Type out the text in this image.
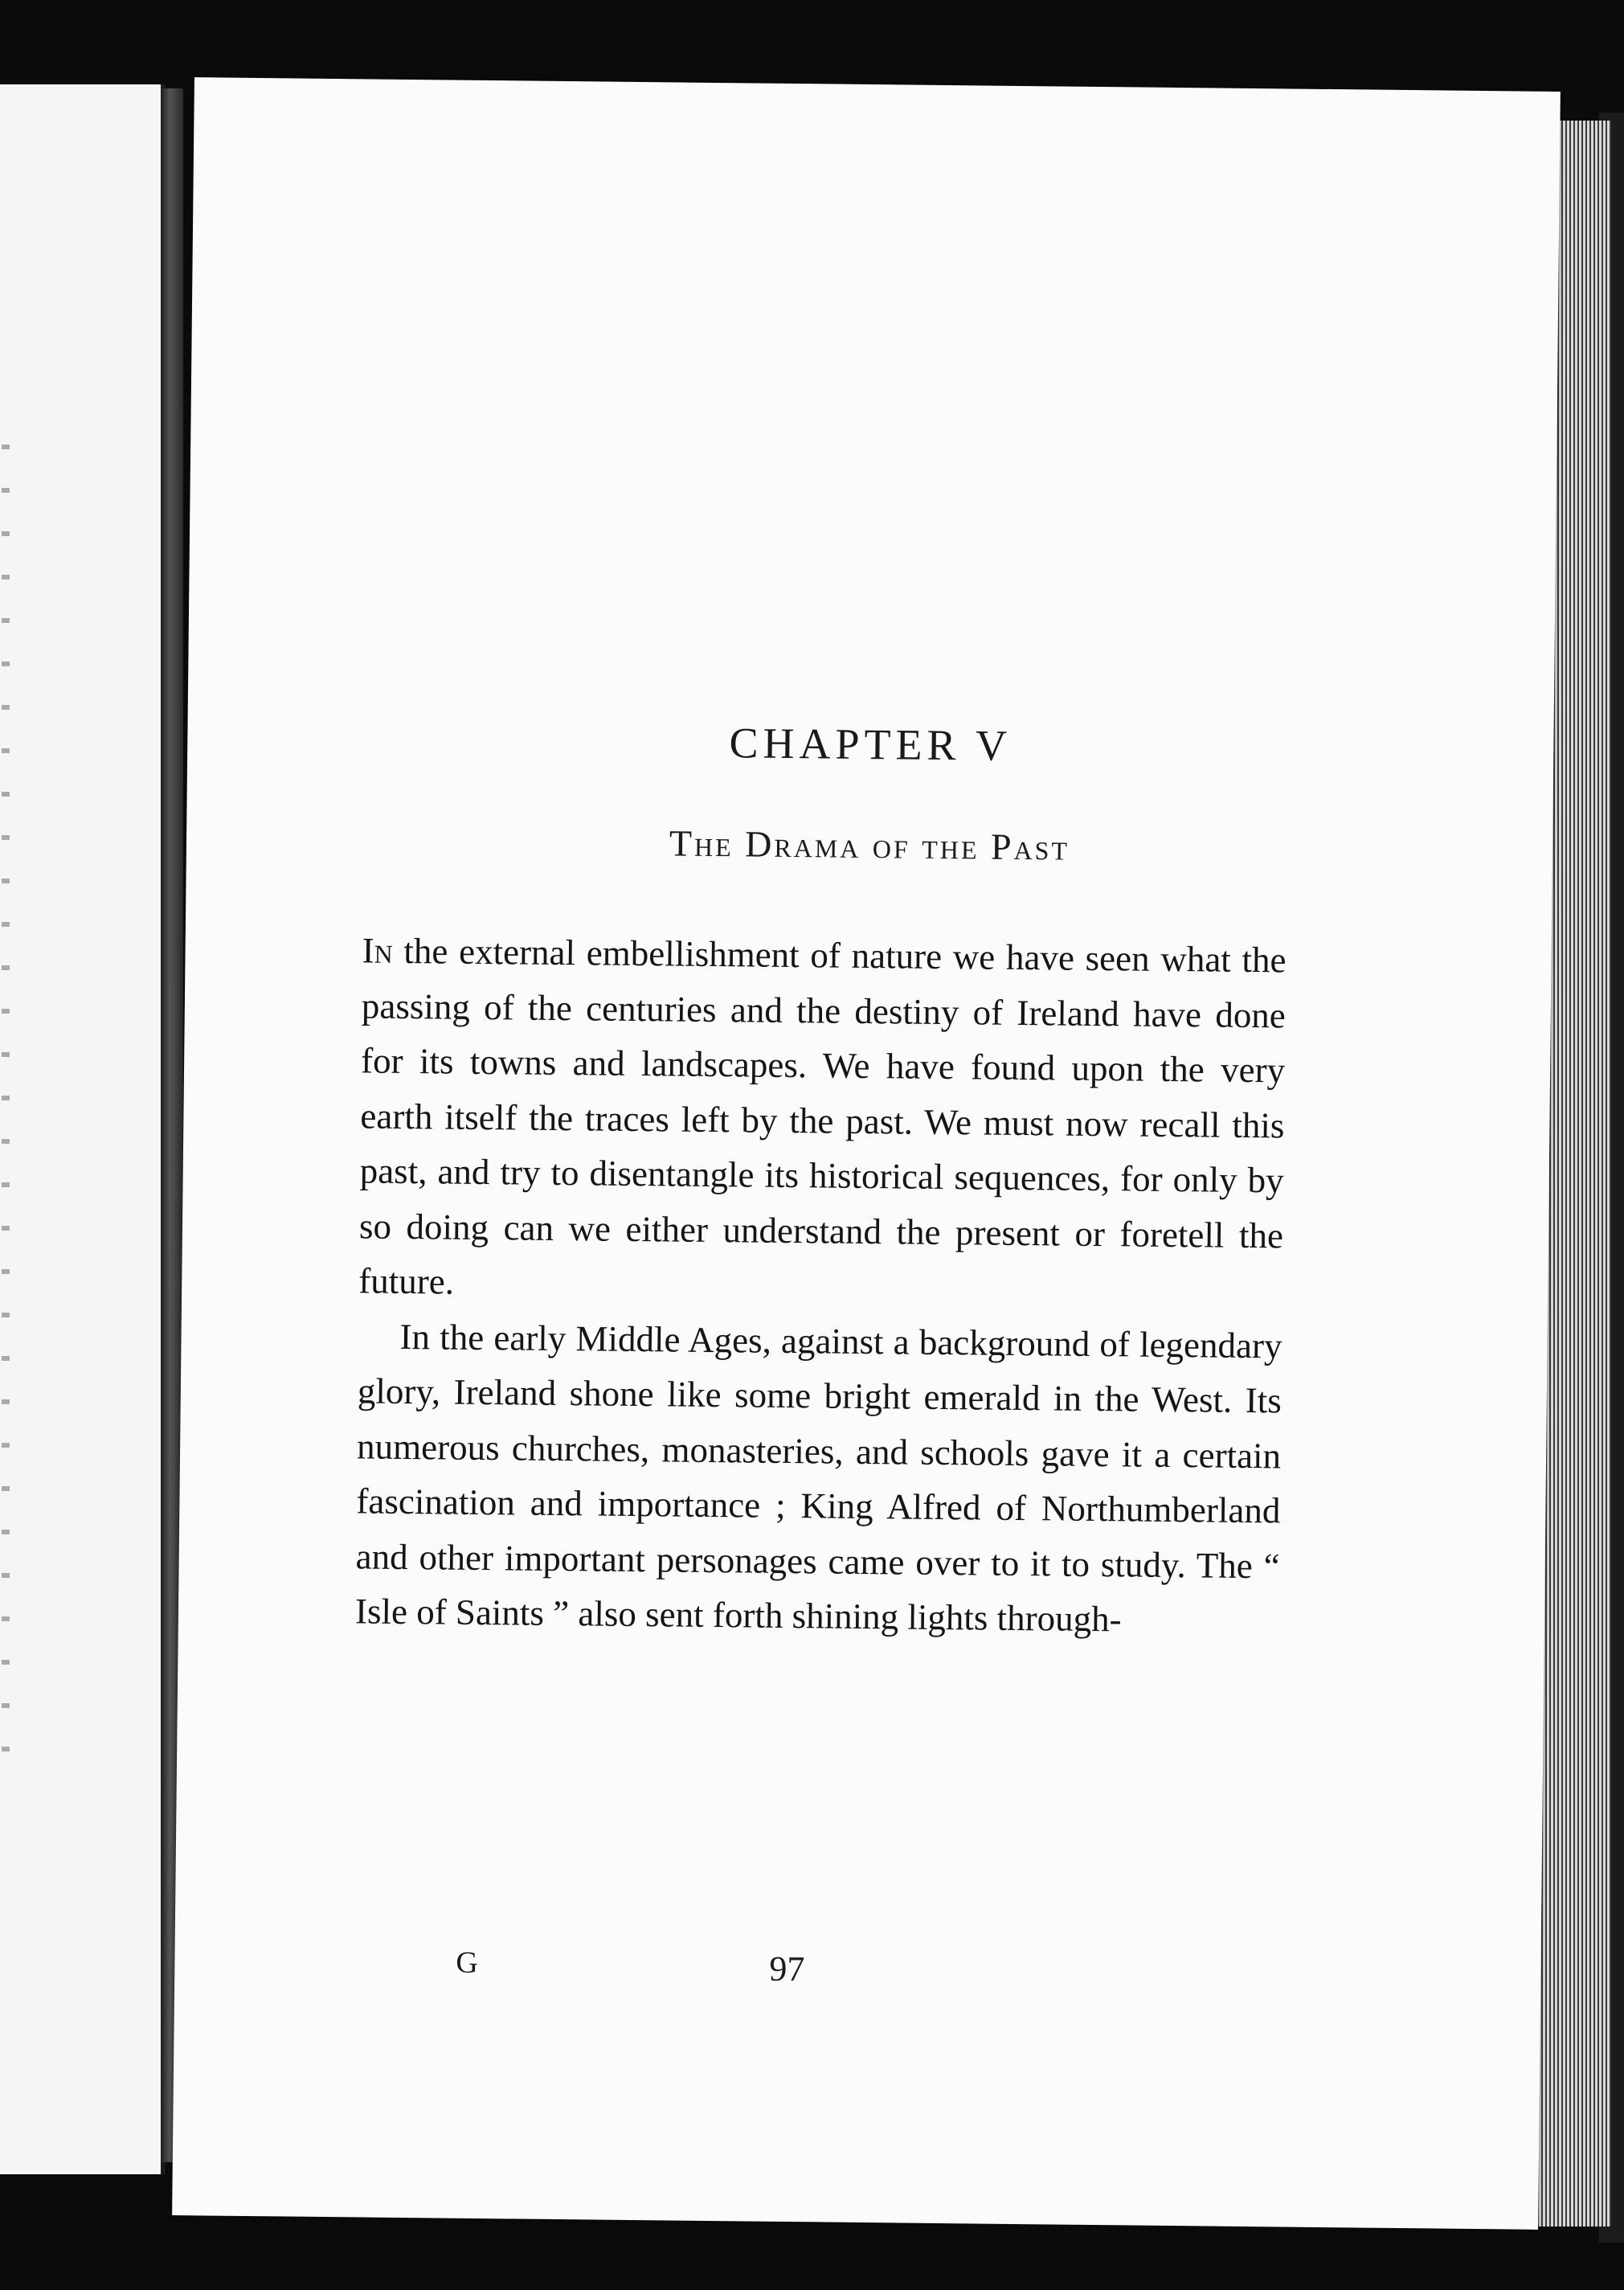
CHAPTER V
The Drama of the Past

In the external embellishment of nature we have seen what the passing of the centuries and the destiny of Ireland have done for its towns and landscapes. We have found upon the very earth itself the traces left by the past. We must now recall this past, and try to disentangle its historical sequences, for only by so doing can we either understand the present or foretell the future.

In the early Middle Ages, against a background of legendary glory, Ireland shone like some bright emerald in the West. Its numerous churches, monasteries, and schools gave it a certain fascination and importance ; King Alfred of Northumberland and other important personages came over to it to study. The “ Isle of Saints ” also sent forth shining lights through-

G	97
